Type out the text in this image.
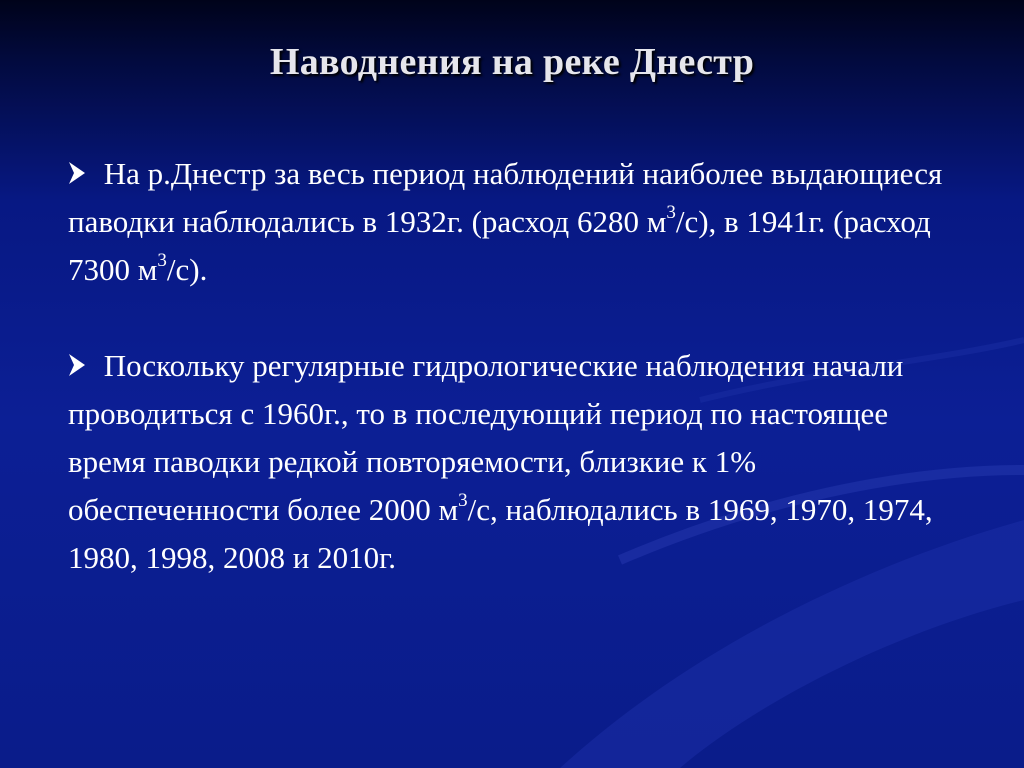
Наводнения на реке Днестр
На р.Днестр за весь период наблюдений наиболее выдающиеся паводки наблюдались в 1932г. (расход 6280 $м^3/с$), в 1941г. (расход 7300 $м^3/с$).
Поскольку регулярные гидрологические наблюдения начали проводиться с 1960г., то в последующий период по настоящее время паводки редкой повторяемости, близкие к 1% обеспеченности более 2000 $м^3/с$, наблюдались в 1969, 1970, 1974, 1980, 1998, 2008 и 2010г.
